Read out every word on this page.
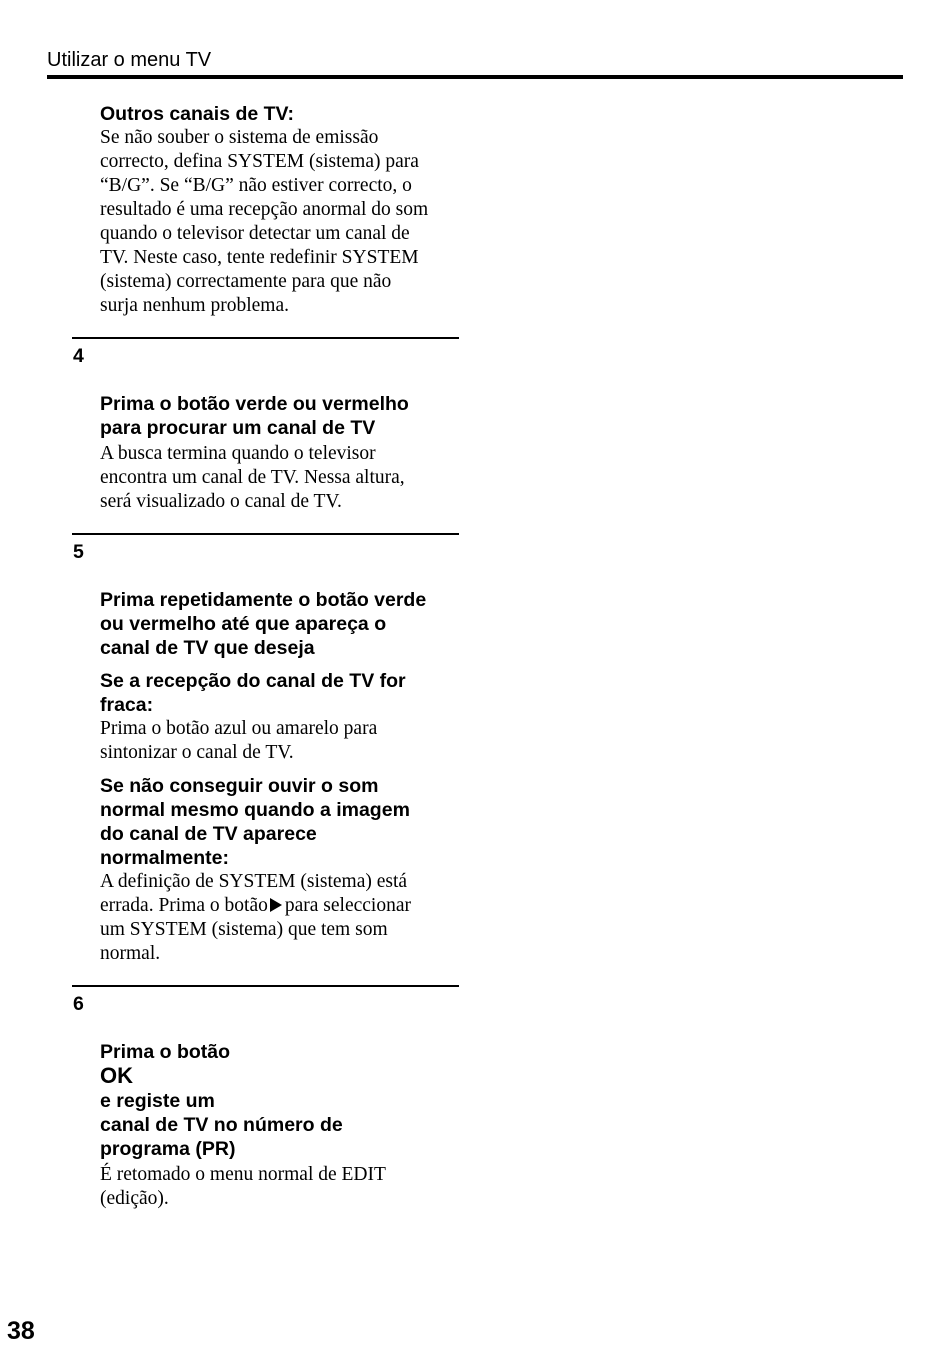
Utilizar o menu TV
Outros canais de TV:
Se não souber o sistema de emissão
correcto, defina SYSTEM (sistema) para
“B/G”. Se “B/G” não estiver correcto, o
resultado é uma recepção anormal do som
quando o televisor detectar um canal de
TV. Neste caso, tente redefinir SYSTEM
(sistema) correctamente para que não
surja nenhum problema.

4

Prima o botão verde ou vermelho
para procurar um canal de TV

A busca termina quando o televisor
encontra um canal de TV. Nessa altura,
será visualizado o canal de TV.

5

Prima repetidamente o botão verde
ou vermelho até que apareça o
canal de TV que deseja

Se a recepção do canal de TV for
fraca:
Prima o botão azul ou amarelo para
sintonizar o canal de TV.
Se não conseguir ouvir o som
normal mesmo quando a imagem
do canal de TV aparece
normalmente:
A definição de SYSTEM (sistema) está
errada. Prima o botão para seleccionar
um SYSTEM (sistema) que tem som
normal.

6

Prima o botão
OK
e registe um
canal de TV no número de
programa (PR)

É retomado o menu normal de EDIT
(edição).
38
